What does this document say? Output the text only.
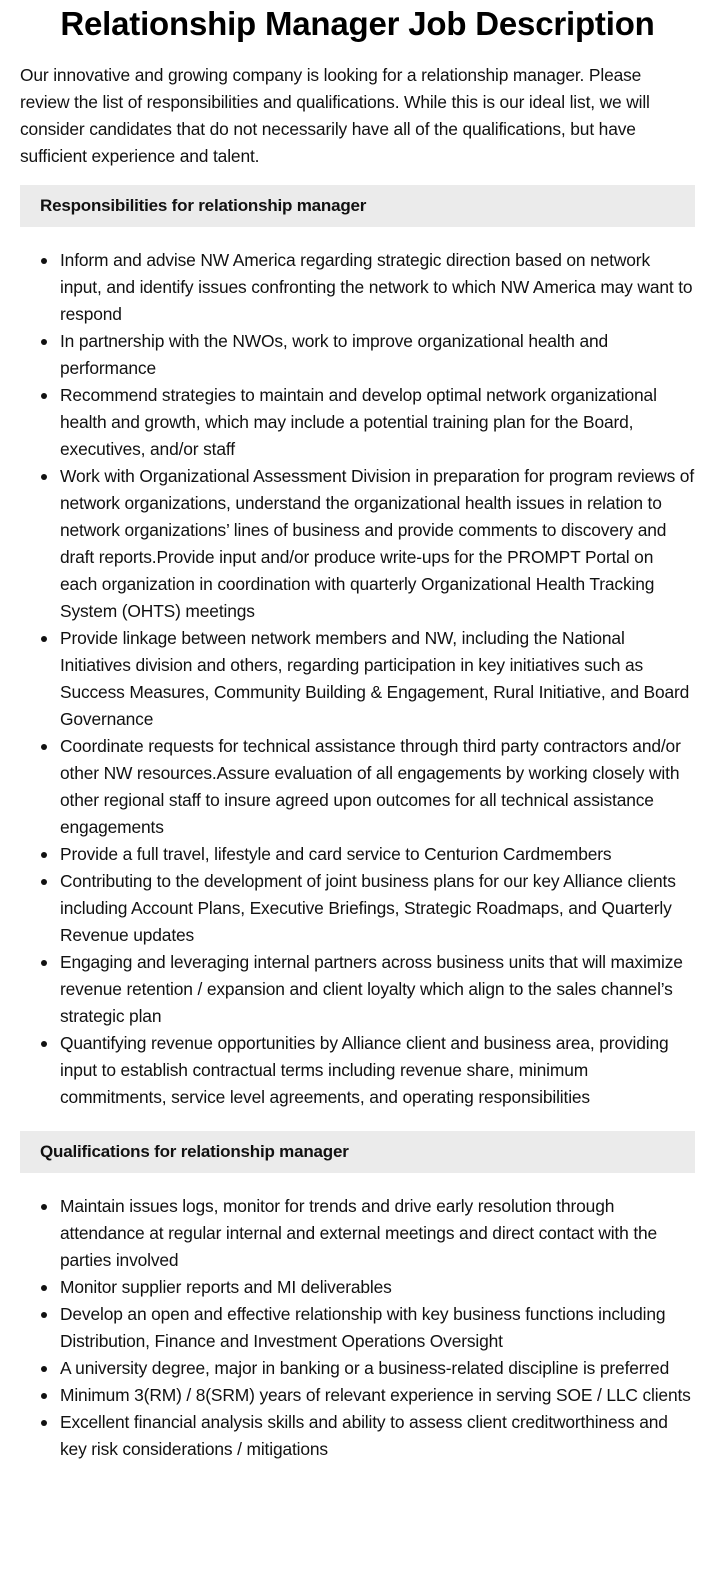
Relationship Manager Job Description

Our innovative and growing company is looking for a relationship manager. Please review the list of responsibilities and qualifications. While this is our ideal list, we will consider candidates that do not necessarily have all of the qualifications, but have sufficient experience and talent.

Responsibilities for relationship manager
Inform and advise NW America regarding strategic direction based on network input, and identify issues confronting the network to which NW America may want to respond
In partnership with the NWOs, work to improve organizational health and performance
Recommend strategies to maintain and develop optimal network organizational health and growth, which may include a potential training plan for the Board, executives, and/or staff
Work with Organizational Assessment Division in preparation for program reviews of network organizations, understand the organizational health issues in relation to network organizations’ lines of business and provide comments to discovery and draft reports.Provide input and/or produce write-ups for the PROMPT Portal on each organization in coordination with quarterly Organizational Health Tracking System (OHTS) meetings
Provide linkage between network members and NW, including the National Initiatives division and others, regarding participation in key initiatives such as Success Measures, Community Building & Engagement, Rural Initiative, and Board Governance
Coordinate requests for technical assistance through third party contractors and/or other NW resources.Assure evaluation of all engagements by working closely with other regional staff to insure agreed upon outcomes for all technical assistance engagements
Provide a full travel, lifestyle and card service to Centurion Cardmembers
Contributing to the development of joint business plans for our key Alliance clients including Account Plans, Executive Briefings, Strategic Roadmaps, and Quarterly Revenue updates
Engaging and leveraging internal partners across business units that will maximize revenue retention / expansion and client loyalty which align to the sales channel’s strategic plan
Quantifying revenue opportunities by Alliance client and business area, providing input to establish contractual terms including revenue share, minimum commitments, service level agreements, and operating responsibilities
Qualifications for relationship manager
Maintain issues logs, monitor for trends and drive early resolution through attendance at regular internal and external meetings and direct contact with the parties involved
Monitor supplier reports and MI deliverables
Develop an open and effective relationship with key business functions including Distribution, Finance and Investment Operations Oversight
A university degree, major in banking or a business-related discipline is preferred
Minimum 3(RM) / 8(SRM) years of relevant experience in serving SOE / LLC clients
Excellent financial analysis skills and ability to assess client creditworthiness and key risk considerations / mitigations
